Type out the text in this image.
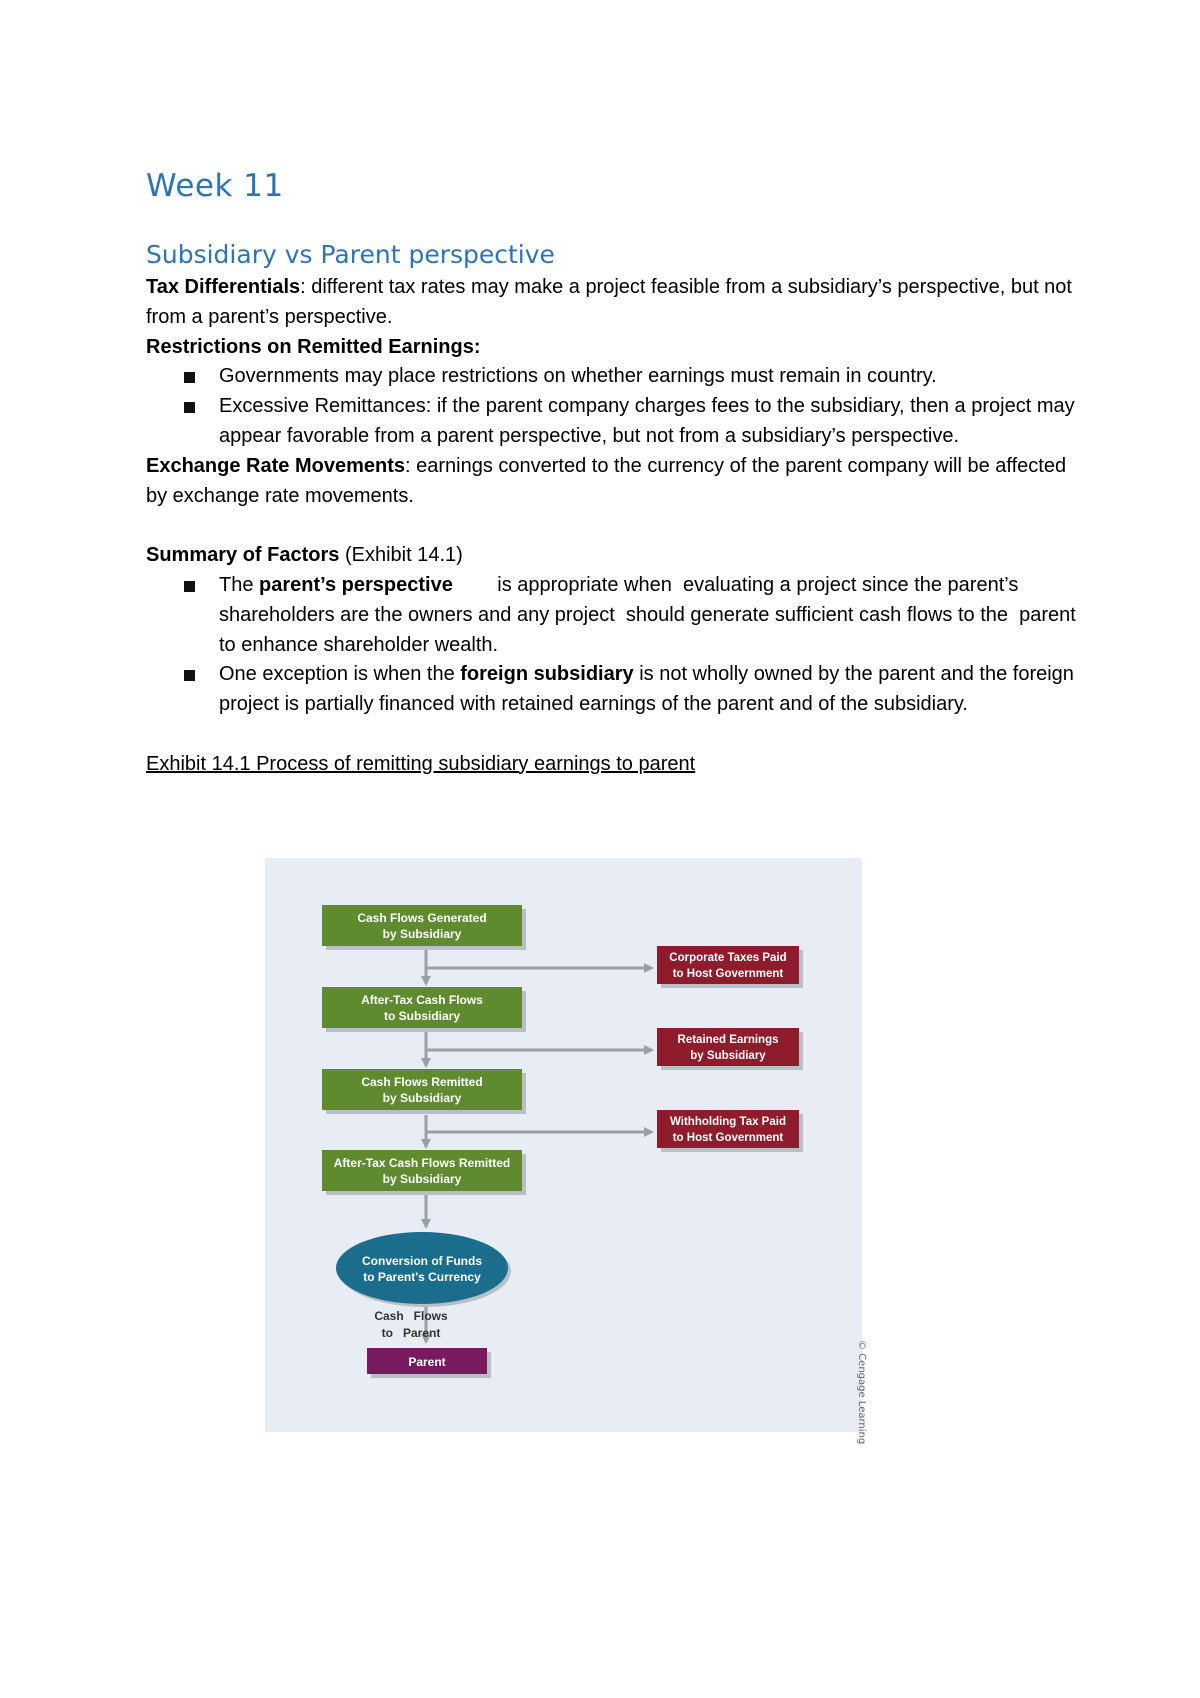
Week 11
Subsidiary vs Parent perspective

Tax Differentials: different tax rates may make a project feasible from a subsidiary’s perspective, but not from a parent’s perspective.

Restrictions on Remitted Earnings:

Governments may place restrictions on whether earnings must remain in country.
Excessive Remittances: if the parent company charges fees to the subsidiary, then a project may appear favorable from a parent perspective, but not from a subsidiary’s perspective.

Exchange Rate Movements: earnings converted to the currency of the parent company will be affected by exchange rate movements.

Summary of Factors (Exhibit 14.1)

The parent’s perspective        is appropriate when  evaluating a project since the parent’s  shareholders are the owners and any project  should generate sufficient cash flows to the  parent to enhance shareholder wealth.
One exception is when the foreign subsidiary is not wholly owned by the parent and the foreign project is partially financed with retained earnings of the parent and of the subsidiary.

Exhibit 14.1 Process of remitting subsidiary earnings to parent

Cash Flows Generated
by Subsidiary
After-Tax Cash Flows
to Subsidiary
Cash Flows Remitted
by Subsidiary
After-Tax Cash Flows Remitted
by Subsidiary
Corporate Taxes Paid
to Host Government
Retained Earnings
by Subsidiary
Withholding Tax Paid
to Host Government
Conversion of Funds
to Parent's Currency
Cash   Flows
to   Parent
Parent	© Cengage Learning
